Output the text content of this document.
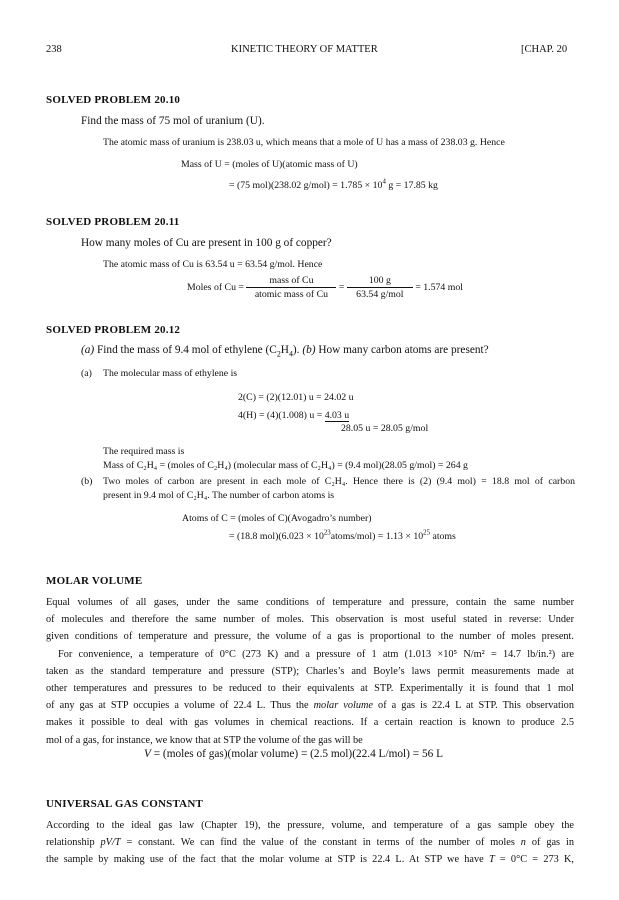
238	KINETIC THEORY OF MATTER	[CHAP. 20
SOLVED PROBLEM 20.10
Find the mass of 75 mol of uranium (U).
The atomic mass of uranium is 238.03 u, which means that a mole of U has a mass of 238.03 g. Hence
Mass of U = (moles of U)(atomic mass of U)
= (75 mol)(238.02 $g/mol) = 1.785 \times 10^4$ g = 17.85 kg
SOLVED PROBLEM 20.11
How many moles of Cu are present in 100 g of copper?
The atomic mass of Cu is 63.54 u = 63.54 g/mol. Hence
Moles of $Cu = \frac{\text{mass of Cu}}{\text{atomic mass of Cu}} = \frac{100 g}{\text{63.54 g/mol}} = 1.574$ mol
SOLVED PROBLEM 20.12
(a) Find the mass of 9.4 mol of ethylene $(C_2H_4)$. (b) How many carbon atoms are present?
(a) The molecular mass of ethylene is
2(C) = (2)(12.01) u = 24.02 u
4(H) = (4)(1.008) u = 4.03 u
28.05 u = 28.05 g/mol
The required mass is
Mass of C₂H₄ = (moles of C₂H₄) (molecular mass of C₂H₄) = (9.4 mol)(28.05 g/mol) = 264 g
(b) Two moles of carbon are present in each mole of C₂H₄. Hence there is (2) (9.4 mol) = 18.8 mol of carbon
present in 9.4 mol of C₂H₄. The number of carbon atoms is
Atoms of C = (moles of C)(Avogadro’s number)
= (18.8 $mol)(6.023 \times 10^{23}atoms/mol) = 1.13 \times 10^{25}$ atoms
MOLAR VOLUME
Equal volumes of all gases, under the same conditions of temperature and pressure, contain the same number
of molecules and therefore the same number of moles. This observation is most useful stated in reverse: Under
given conditions of temperature and pressure, the volume of a gas is proportional to the number of moles present.
For convenience, a temperature of 0°C (273 K) and a pressure of 1 atm (1.013 ×10⁵ N/m² = 14.7 lb/in.²) are
taken as the standard temperature and pressure (STP); Charles’s and Boyle’s laws permit measurements made at
other temperatures and pressures to be reduced to their equivalents at STP. Experimentally it is found that 1 mol
of any gas at STP occupies a volume of 22.4 L. Thus the molar volume of a gas is 22.4 L at STP. This observation
makes it possible to deal with gas volumes in chemical reactions. If a certain reaction is known to produce 2.5
mol of a gas, for instance, we know that at STP the volume of the gas will be
V = (moles of gas)(molar volume) = (2.5 mol)(22.4 L/mol) = 56 L
UNIVERSAL GAS CONSTANT
According to the ideal gas law (Chapter 19), the pressure, volume, and temperature of a gas sample obey the
relationship pV/T = constant. We can find the value of the constant in terms of the number of moles n of gas in
the sample by making use of the fact that the molar volume at STP is 22.4 L. At STP we have T = 0°C = 273 K,
